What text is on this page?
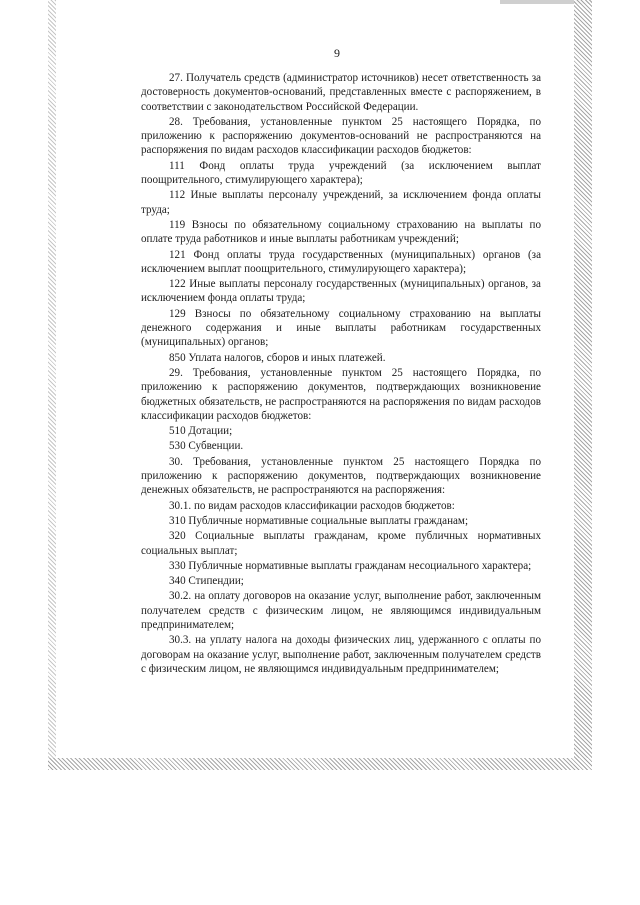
9

27. Получатель средств (администратор источников) несет ответственность за достоверность документов-оснований, представленных вместе с распоряжением, в соответствии с законодательством Российской Федерации.

28. Требования, установленные пунктом 25 настоящего Порядка, по приложению к распоряжению документов-оснований не распространяются на распоряжения по видам расходов классификации расходов бюджетов:

111 Фонд оплаты труда учреждений (за исключением выплат поощрительного, стимулирующего характера);

112 Иные выплаты персоналу учреждений, за исключением фонда оплаты труда;

119 Взносы по обязательному социальному страхованию на выплаты по оплате труда работников и иные выплаты работникам учреждений;

121 Фонд оплаты труда государственных (муниципальных) органов (за исключением выплат поощрительного, стимулирующего характера);

122 Иные выплаты персоналу государственных (муниципальных) органов, за исключением фонда оплаты труда;

129 Взносы по обязательному социальному страхованию на выплаты денежного содержания и иные выплаты работникам государственных (муниципальных) органов;

850 Уплата налогов, сборов и иных платежей.

29. Требования, установленные пунктом 25 настоящего Порядка, по приложению к распоряжению документов, подтверждающих возникновение бюджетных обязательств, не распространяются на распоряжения по видам расходов классификации расходов бюджетов:

510 Дотации;

530 Субвенции.

30. Требования, установленные пунктом 25 настоящего Порядка по приложению к распоряжению документов, подтверждающих возникновение денежных обязательств, не распространяются на распоряжения:

30.1. по видам расходов классификации расходов бюджетов:

310 Публичные нормативные социальные выплаты гражданам;

320 Социальные выплаты гражданам, кроме публичных нормативных социальных выплат;

330 Публичные нормативные выплаты гражданам несоциального характера;

340 Стипендии;

30.2. на оплату договоров на оказание услуг, выполнение работ, заключенным получателем средств с физическим лицом, не являющимся индивидуальным предпринимателем;

30.3. на уплату налога на доходы физических лиц, удержанного с оплаты по договорам на оказание услуг, выполнение работ, заключенным получателем средств с физическим лицом, не являющимся индивидуальным предпринимателем;
